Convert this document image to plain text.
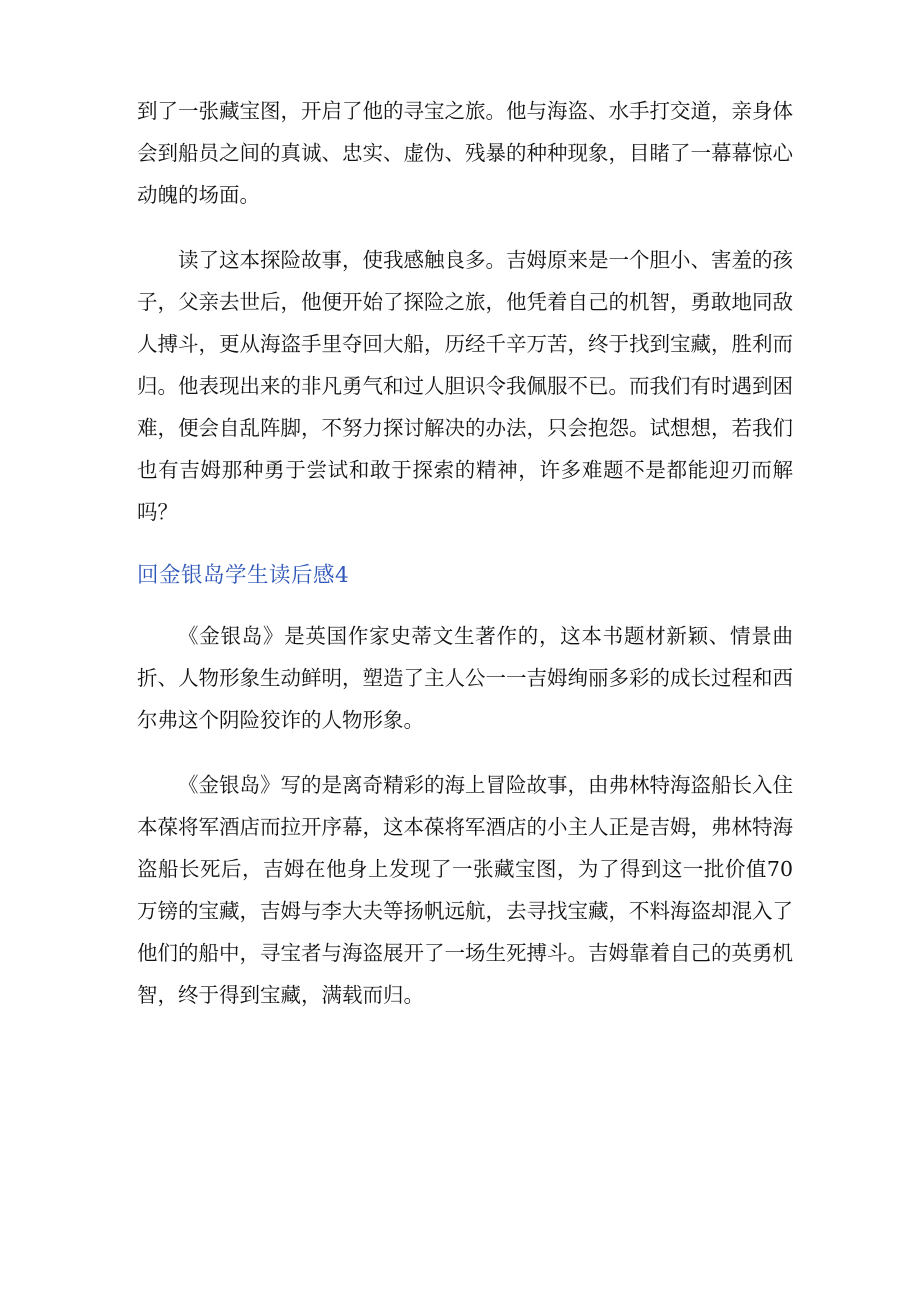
到了一张藏宝图，开启了他的寻宝之旅。他与海盗、水手打交道，亲身体会到船员之间的真诚、忠实、虚伪、残暴的种种现象，目睹了一幕幕惊心动魄的场面。

读了这本探险故事，使我感触良多。吉姆原来是一个胆小、害羞的孩子，父亲去世后，他便开始了探险之旅，他凭着自己的机智，勇敢地同敌人搏斗，更从海盗手里夺回大船，历经千辛万苦，终于找到宝藏，胜利而归。他表现出来的非凡勇气和过人胆识令我佩服不已。而我们有时遇到困难，便会自乱阵脚，不努力探讨解决的办法，只会抱怨。试想想，若我们也有吉姆那种勇于尝试和敢于探索的精神，许多难题不是都能迎刃而解吗？

回金银岛学生读后感4

《金银岛》是英国作家史蒂文生著作的，这本书题材新颖、情景曲折、人物形象生动鲜明，塑造了主人公一一吉姆绚丽多彩的成长过程和西尔弗这个阴险狡诈的人物形象。

《金银岛》写的是离奇精彩的海上冒险故事，由弗林特海盗船长入住本葆将军酒店而拉开序幕，这本葆将军酒店的小主人正是吉姆，弗林特海盗船长死后，吉姆在他身上发现了一张藏宝图，为了得到这一批价值70万镑的宝藏，吉姆与李大夫等扬帆远航，去寻找宝藏，不料海盗却混入了他们的船中，寻宝者与海盗展开了一场生死搏斗。吉姆靠着自己的英勇机智，终于得到宝藏，满载而归。
